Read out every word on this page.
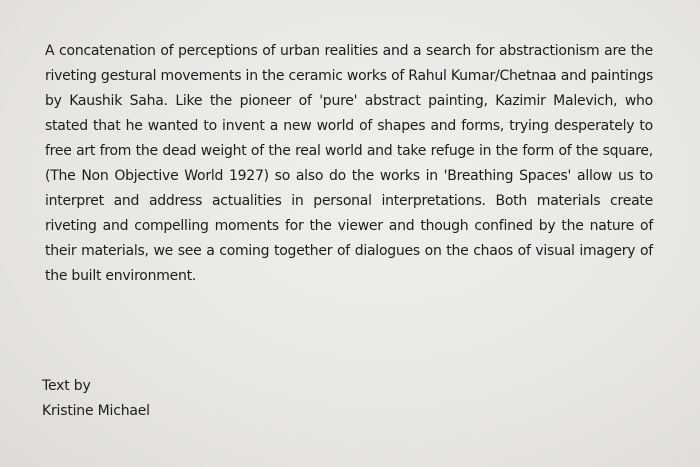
A concatenation of perceptions of urban realities and a search for abstractionism are the

riveting gestural movements in the ceramic works of Rahul Kumar/Chetnaa and paintings

by Kaushik Saha. Like the pioneer of 'pure' abstract painting, Kazimir Malevich, who

stated that he wanted to invent a new world of shapes and forms, trying desperately to

free art from the dead weight of the real world and take refuge in the form of the square,

(The Non Objective World 1927) so also do the works in 'Breathing Spaces' allow us to

interpret and address actualities in personal interpretations. Both materials create

riveting and compelling moments for the viewer and though confined by the nature of

their materials, we see a coming together of dialogues on the chaos of visual imagery of

the built environment.

Text by

Kristine Michael
